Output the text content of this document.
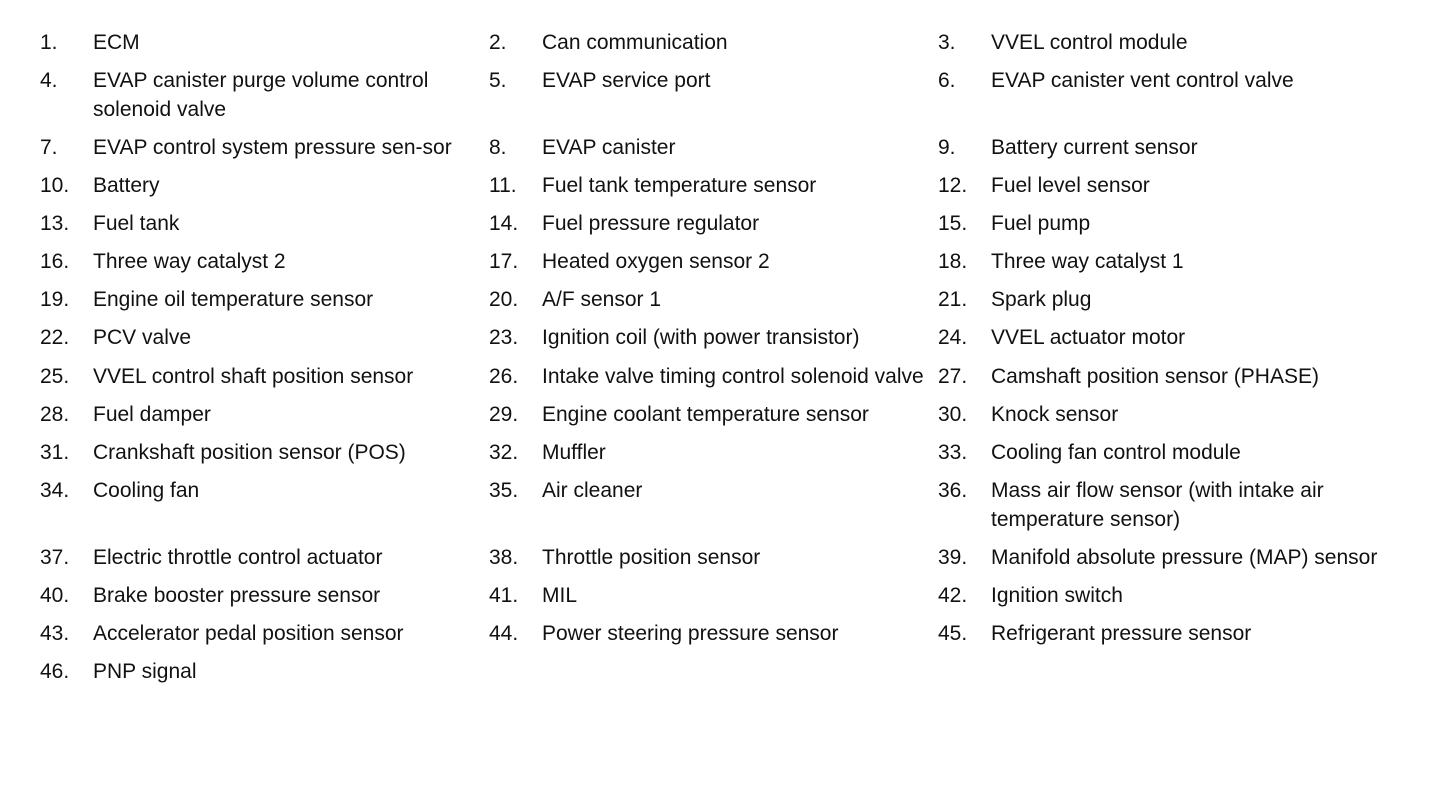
1.	ECM	2.	Can communication	3.	VVEL control module
4.	EVAP canister purge volume control solenoid valve
5.	EVAP service port	6.	EVAP canister vent control valve
7.	EVAP control system pressure sen-sor	8.	EVAP canister	9.	Battery current sensor
10.	Battery	11.	Fuel tank temperature sensor	12.	Fuel level sensor
13.	Fuel tank	14.	Fuel pressure regulator	15.	Fuel pump
16.	Three way catalyst 2	17.	Heated oxygen sensor 2	18.	Three way catalyst 1
19.	Engine oil temperature sensor	20.	A/F sensor 1	21.	Spark plug
22.	PCV valve	23.	Ignition coil (with power transistor)	24.	VVEL actuator motor
25.	VVEL control shaft position sensor	26.	Intake valve timing control solenoid valve 27.	Camshaft position sensor (PHASE)
28.	Fuel damper	29.	Engine coolant temperature sensor	30.	Knock sensor
31.	Crankshaft position sensor (POS)	32.	Muffler	33.	Cooling fan control module
34.	Cooling fan	35.	Air cleaner	36.	Mass air flow sensor (with intake air temperature sensor)
37.	Electric throttle control actuator	38.	Throttle position sensor	39.	Manifold absolute pressure (MAP) sensor
40.	Brake booster pressure sensor	41.	MIL	42.	Ignition switch
43.	Accelerator pedal position sensor	44.	Power steering pressure sensor	45.	Refrigerant pressure sensor
46.	PNP signal
